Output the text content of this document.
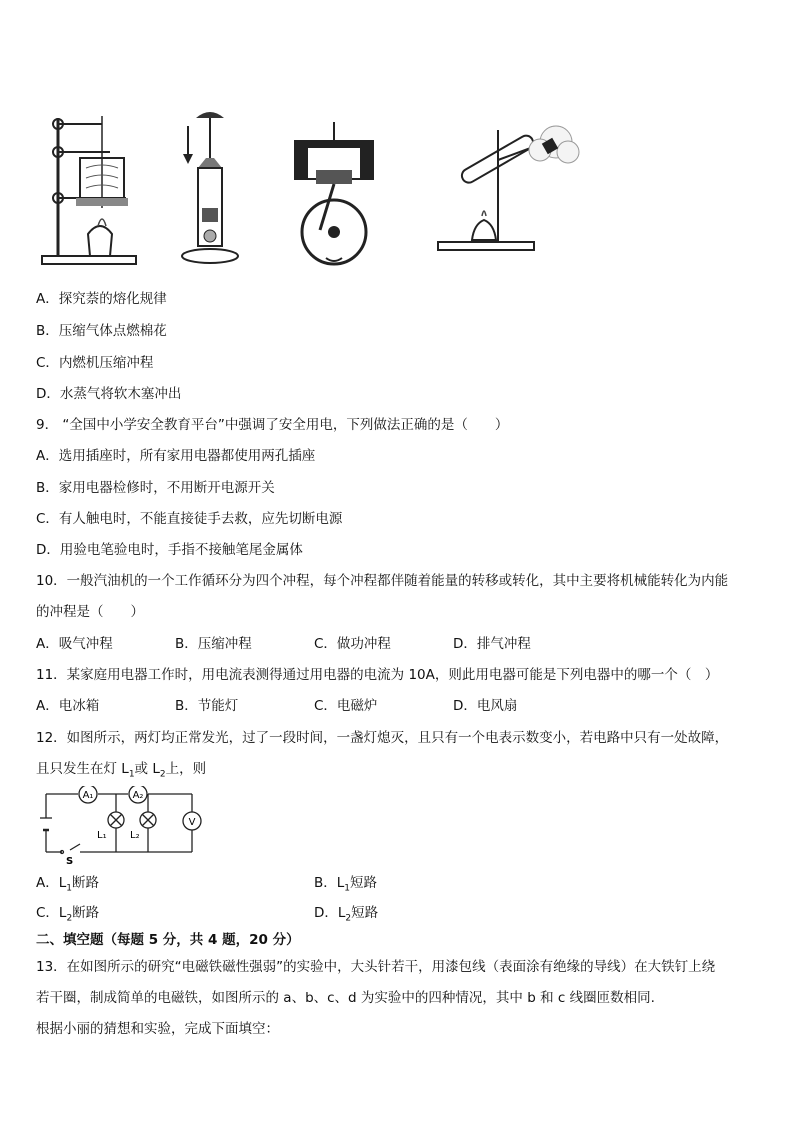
A．探究萘的熔化规律
B．压缩气体点燃棉花
C．内燃机压缩冲程
D．水蒸气将软木塞冲出
9． “全国中小学安全教育平台”中强调了安全用电，下列做法正确的是（　　）
A．选用插座时，所有家用电器都使用两孔插座
B．家用电器检修时，不用断开电源开关
C．有人触电时，不能直接徒手去救，应先切断电源
D．用验电笔验电时，手指不接触笔尾金属体
10．一般汽油机的一个工作循环分为四个冲程，每个冲程都伴随着能量的转移或转化，其中主要将机械能转化为内能
的冲程是（　　）
A．吸气冲程	B．压缩冲程	C．做功冲程	D．排气冲程
11．某家庭用电器工作时，用电流表测得通过用电器的电流为 10A，则此用电器可能是下列电器中的哪一个（　）
A．电冰箱	B．节能灯	C．电磁炉	D．电风扇
12．如图所示，两灯均正常发光，过了一段时间，一盏灯熄灭，且只有一个电表示数变小，若电路中只有一处故障，
且只发生在灯 $L_1$或 $L_2$上，则
A₁	A₂
V
L₁ L₂
S
A．$L_1$断路	B．$L_1$短路
C．$L_2$断路	D．$L_2$短路
二、填空题（每题 5 分，共 4 题，20 分）
13．在如图所示的研究“电磁铁磁性强弱”的实验中，大头针若干，用漆包线（表面涂有绝缘的导线）在大铁钉上绕
若干圈，制成简单的电磁铁，如图所示的 a、b、c、d 为实验中的四种情况，其中 b 和 c 线圈匝数相同.
根据小丽的猜想和实验，完成下面填空：
